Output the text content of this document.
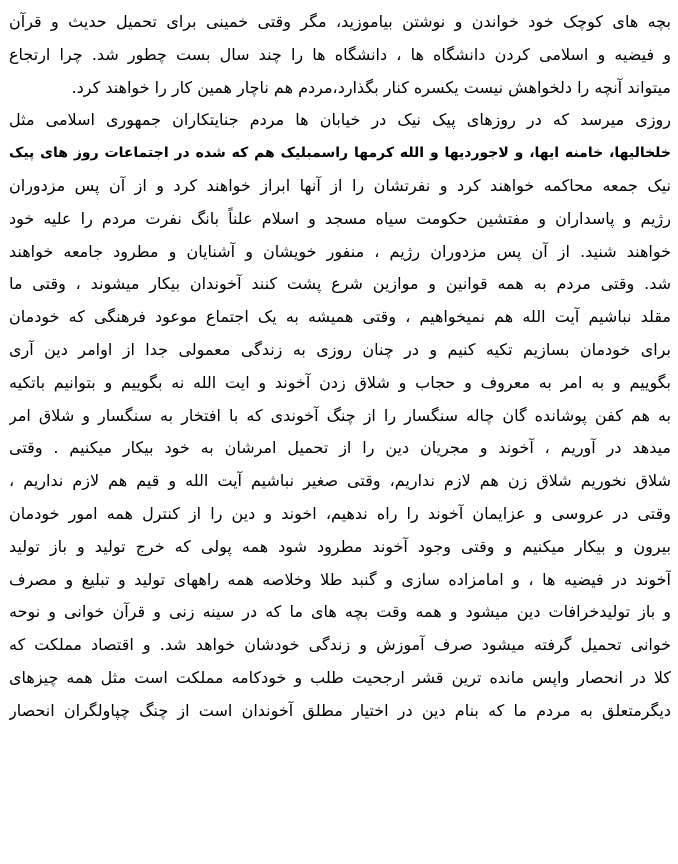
بچه های کوچک خود خواندن و نوشتن بیاموزید، مگر وقتی خمینی برای تحمیل حدیث و قرآن
و فیضیه و اسلامی کردن دانشگاه ها ، دانشگاه ها را چند سال بست چطور شد. چرا ارتجاع
میتواند آنچه را دلخواهش نیست یکسره کنار بگذارد،مردم هم ناچار همین کار را خواهند کرد.
روزی میرسد که در روزهای پیک نیک در خیابان ها مردم جنایتکاران جمهوری اسلامی مثل
خلخالیها، خامنه ایها، و لاجوردیها و الله کرمها راسمبلیک هم که شده در اجتماعات روز های پیک
نیک جمعه محاکمه خواهند کرد و نفرتشان را از آنها ابراز خواهند کرد و از آن پس مزدوران
رژیم و پاسداران و مفتشین حکومت سیاه مسجد و اسلام علناً بانگ نفرت مردم را علیه خود
خواهند شنید. از آن پس مزدوران رژیم ، منفور خویشان و آشنایان و مطرود جامعه خواهند
شد. وقتی مردم به همه قوانین و موازین شرع پشت کنند آخوندان بیکار میشوند ، وقتی ما
مقلد نباشیم آیت الله هم نمیخواهیم ، وقتی همیشه به یک اجتماع موعود فرهنگی که خودمان
برای خودمان بسازیم تکیه کنیم و در چنان روزی به زندگی معمولی جدا از اوامر دین آری
بگوییم و به امر به معروف و حجاب و شلاق زدن آخوند و ایت الله نه بگوییم و بتوانیم باتکیه
به هم کفن پوشانده گان چاله سنگسار را از چنگ آخوندی که با افتخار به سنگسار و شلاق امر
میدهد در آوریم ، آخوند و مجریان دین را از تحمیل امرشان به خود بیکار میکنیم . وقتی
شلاق نخوریم شلاق زن هم لازم نداریم، وقتی صغیر نباشیم آیت الله و قیم هم لازم نداریم ،
وقتی در عروسی و عزایمان آخوند را راه ندهیم، اخوند و دین را از کنترل همه امور خودمان
بیرون و بیکار میکنیم و وقتی وجود آخوند مطرود شود همه پولی که خرج تولید و باز تولید
آخوند در فیضیه ها ، و امامزاده سازی و گنبد طلا وخلاصه همه راههای تولید و تبلیغ و مصرف
و باز تولیدخرافات دین میشود و همه وقت بچه های ما که در سینه زنی و قرآن خوانی و نوحه
خوانی تحمیل گرفته میشود صرف آموزش و زندگی خودشان خواهد شد. و اقتصاد مملکت که
کلا در انحصار واپس مانده ترین قشر ارجحیت طلب و خودکامه مملکت است مثل همه چیزهای
دیگرمتعلق به مردم ما که بنام دین در اختیار مطلق آخوندان است از چنگ چپاولگران انحصار
